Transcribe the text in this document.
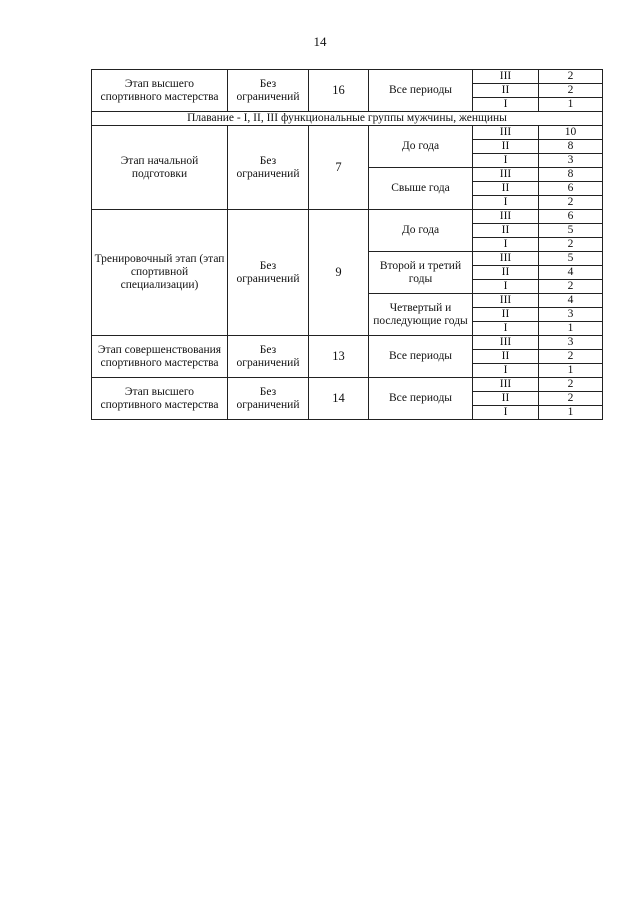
14
Этап высшего спортивного мастерства	Без ограничений	16	Все периоды	III	2
				II	2
				I	1
Плавание - I, II, III функциональные группы мужчины, женщины					
Этап начальной подготовки	Без ограничений	7	До года	III	10
				II	8
				I	3
			Свыше года	III	8
				II	6
				I	2
Тренировочный этап (этап спортивной специализации)	Без ограничений	9	До года	III	6
				II	5
				I	2
			Второй и третий годы	III	5
				II	4
				I	2
			Четвертый и последующие годы	III	4
				II	3
				I	1
Этап совершенствования спортивного мастерства	Без ограничений	13	Все периоды	III	3
				II	2
				I	1
Этап высшего спортивного мастерства	Без ограничений	14	Все периоды	III	2
				II	2
				I	1
